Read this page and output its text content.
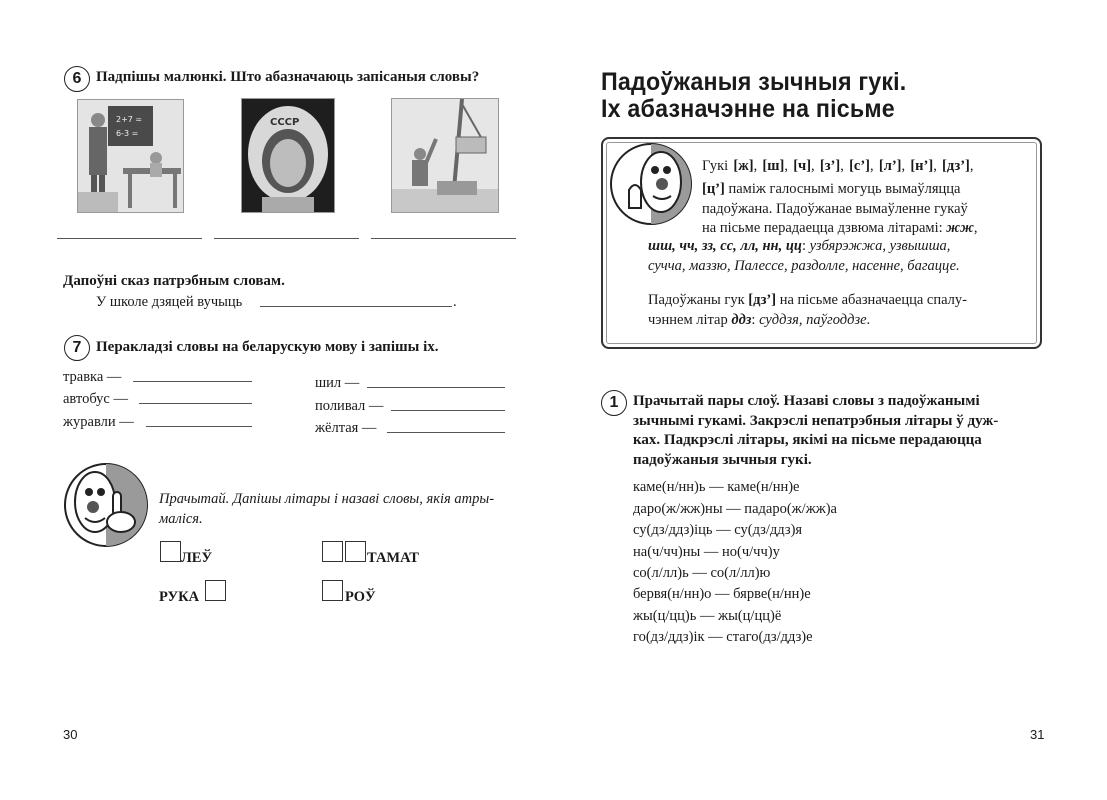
6 Падпішы малюнкі. Што абазначаюць запісаныя словы?
2+7 =
6-3 =
СССР
Дапоўні сказ патрэбным словам.
У школе дзяцей вучыць	.
7 Перакладзі словы на беларускую мову і запішы іх.
травка —
автобус —
журавли —
шил —
поливал —
жёлтая —
Прачытай. Дапішы літары і назаві словы, якія атры-
маліся.
ЛЕЎ	ТАМАТ
РУКА	РОЎ
30
Падоўжаныя зычныя гукі.
Іх абазначэнне на пісьме
Гукі [ж], [ш], [ч], [з’], [с’], [л’], [н’], [дз’],
[ц’] паміж галоснымі могуць вымаўляцца
падоўжана. Падоўжанае вымаўленне гукаў
на пісьме перадаецца дзвюма літарамі: жж,
шш, чч, зз, сс, лл, нн, цц: узбярэжжа, узвышша,
сучча, маззю, Палессе, раздолле, насенне, багацце.
Падоўжаны гук [дз’] на пісьме абазначаецца спалу-
чэннем літар ддз: суддзя, паўгоддзе.
1 Прачытай пары слоў. Назаві словы з падоўжанымі
зычнымі гукамі. Закрэслі непатрэбныя літары ў дуж-
ках. Падкрэслі літары, якімі на пісьме перадаюцца
падоўжаныя зычныя гукі.
каме(н/нн)ь — каме(н/нн)е
даро(ж/жж)ны — падаро(ж/жж)а
су(дз/ддз)іць — су(дз/ддз)я
на(ч/чч)ны — но(ч/чч)у
со(л/лл)ь — со(л/лл)ю
бервя(н/нн)о — бярве(н/нн)е
жы(ц/цц)ь — жы(ц/цц)ё
го(дз/ддз)ік — стаго(дз/ддз)е
31
